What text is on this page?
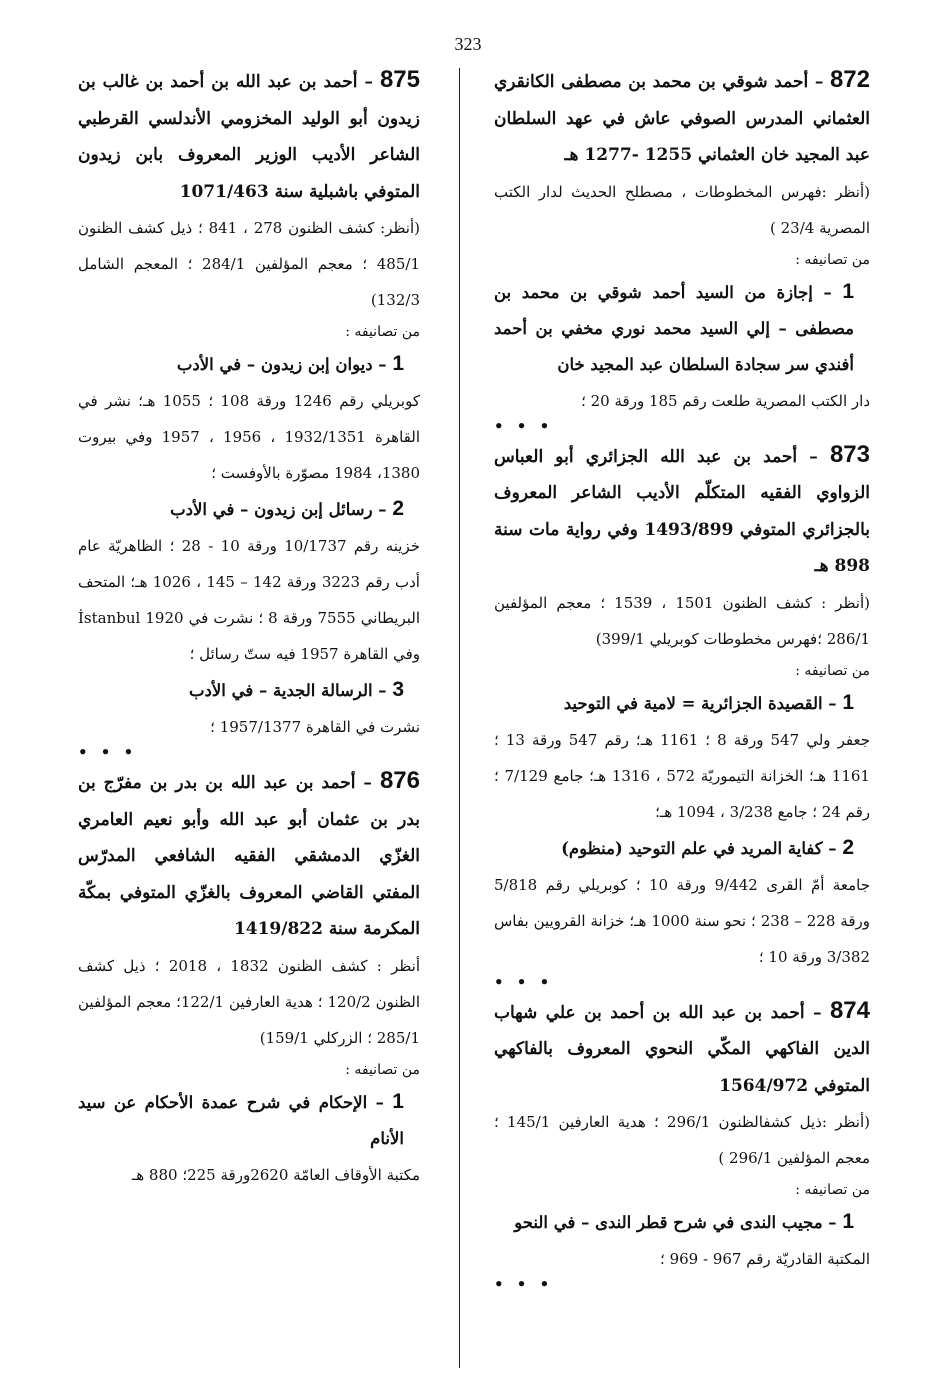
323

872 – أحمد شوقي بن محمد بن مصطفى الكانقري العثماني المدرس الصوفي عاش في عهد السلطان عبد المجيد خان العثماني 1255 -1277 هـ

(أنظر :فهرس المخطوطات ، مصطلح الحديث لدار الكتب المصرية 23/4 )

من تصانيفه :

1 – إجازة من السيد أحمد شوقي بن محمد بن مصطفى – إلي السيد محمد نوري مخفي بن أحمد أفندي سر سجادة السلطان عبد المجيد خان

دار الكتب المصرية طلعت رقم 185 ورقة 20 ؛

• • •

873 – أحمد بن عبد الله الجزائري أبو العباس الزواوي الفقيه المتكلّم الأديب الشاعر المعروف بالجزائري المتوفي 1493/899 وفي رواية مات سنة 898 هـ

(أنظر : كشف الظنون 1501 ، 1539 ؛ معجم المؤلفين 286/1 ؛فهرس مخطوطات كوبريلي 399/1)

من تصانيفه :

1 – القصيدة الجزائرية = لامية في التوحيد

جعفر ولي 547 ورقة 8 ؛ 1161 هـ؛ رقم 547 ورقة 13 ؛ 1161 هـ؛ الخزانة التيموريّة 572 ، 1316 هـ؛ جامع 7/129 ؛ رقم 24 ؛ جامع 3/238 ، 1094 هـ؛

2 – كفاية المريد في علم التوحيد (منظوم)

جامعة أمّ القرى 9/442 ورقة 10 ؛ كوبريلي رقم 5/818 ورقة 228 – 238 ؛ نحو سنة 1000 هـ؛ خزانة القرويين بفاس 3/382 ورقة 10 ؛

• • •

874 – أحمد بن عبد الله بن أحمد بن علي شهاب الدين الفاكهي المكّي النحوي المعروف بالفاكهي المتوفي 1564/972

(أنظر :ذيل كشفالظنون 296/1 ؛ هدية العارفين 145/1 ؛ معجم المؤلفين 296/1 )

من تصانيفه :

1 – مجيب الندى في شرح قطر الندى – في النحو

المكتبة القادريّة رقم 967 - 969 ؛

• • •

875 – أحمد بن عبد الله بن أحمد بن غالب بن زيدون أبو الوليد المخزومي الأندلسي القرطبي الشاعر الأديب الوزير المعروف بابن زيدون المتوفي باشبلية سنة 1071/463

(أنظر: كشف الظنون 278 ، 841 ؛ ذيل كشف الظنون 485/1 ؛ معجم المؤلفين 284/1 ؛ المعجم الشامل 132/3)

من تصانيفه :

1 – ديوان إبن زيدون – في الأدب

كوبريلي رقم 1246 ورقة 108 ؛ 1055 هـ؛ نشر في القاهرة 1932/1351 ، 1956 ، 1957 وفي بيروت 1380، 1984 مصوّرة بالأوفست ؛

2 – رسائل إبن زيدون – في الأدب

خزينه رقم 10/1737 ورقة 10 - 28 ؛ الظاهريّة عام أدب رقم 3223 ورقة 142 – 145 ، 1026 هـ؛ المتحف البريطاني 7555 ورقة 8 ؛ نشرت في İstanbul 1920 وفي القاهرة 1957 فيه ستّ رسائل ؛

3 – الرسالة الجدية – في الأدب

نشرت في القاهرة 1957/1377 ؛

• • •

876 – أحمد بن عبد الله بن بدر بن مفرّج بن بدر بن عثمان أبو عبد الله وأبو نعيم العامري الغزّي الدمشقي الفقيه الشافعي المدرّس المفتي القاضي المعروف بالغزّي المتوفي بمكّة المكرمة سنة 1419/822

أنظر : كشف الظنون 1832 ، 2018 ؛ ذيل كشف الظنون 120/2 ؛ هدية العارفين 122/1؛ معجم المؤلفين 285/1 ؛ الزركلي 159/1)

من تصانيفه :

1 – الإحكام في شرح عمدة الأحكام عن سيد الأنام

مكتبة الأوقاف العامّة 2620ورقة 225؛ 880 هـ
